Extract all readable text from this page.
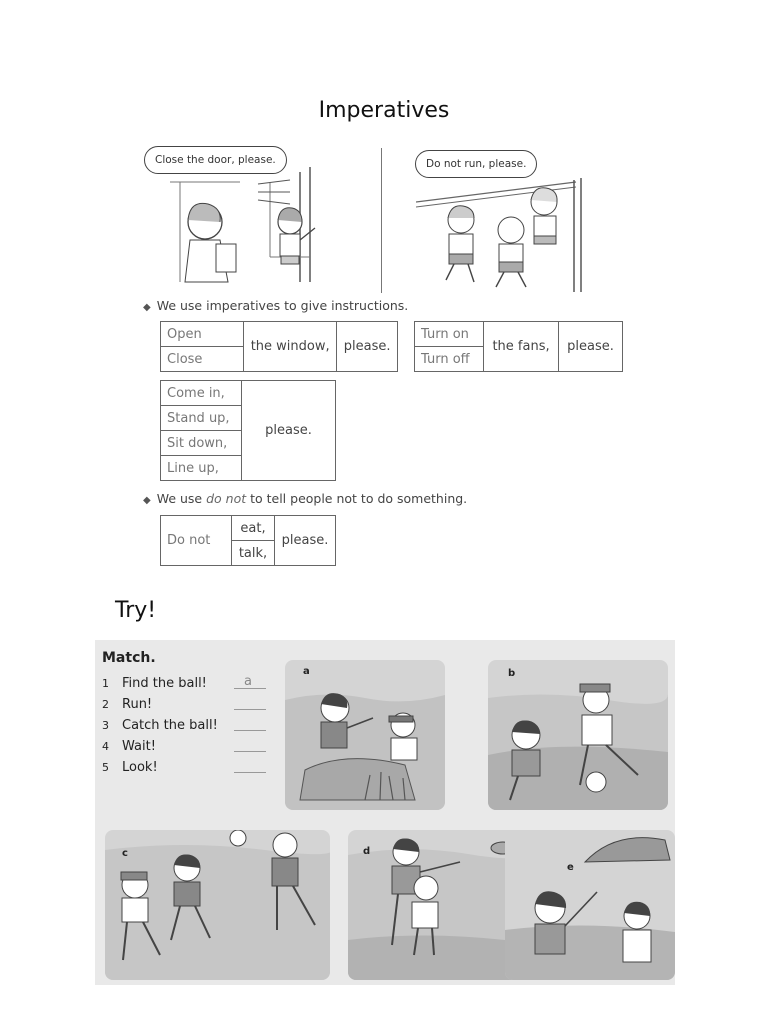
Imperatives
Close the door, please.	Do not run, please.
◆ We use imperatives to give instructions.
Open	the window,	please.
Close
Turn on	the fans,	please.
Turn off
Come in,	please.
Stand up,
Sit down,
Line up,
◆ We use do not to tell people not to do something.
Do not	eat,	please.
talk,
Try!
Match.
1 Find the ball!	a
2 Run!
3 Catch the ball!
4 Wait!
5 Look!
a	b
c	d
e
